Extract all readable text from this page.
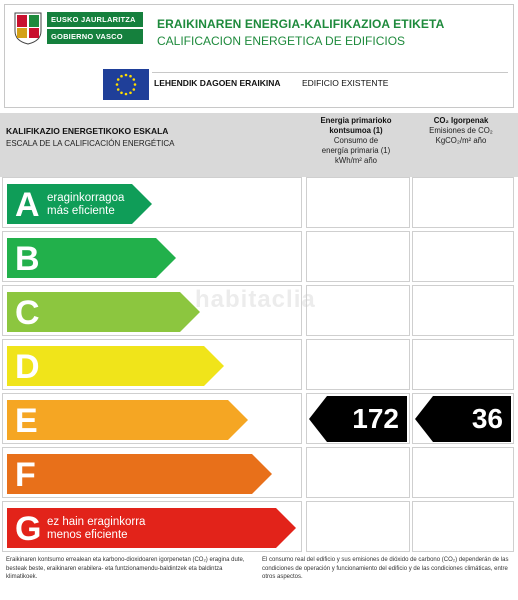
EUSKO JAURLARITZA
GOBIERNO VASCO
ERAIKINAREN ENERGIA-KALIFIKAZIOA ETIKETA
CALIFICACION ENERGETICA DE EDIFICIOS
LEHENDIK DAGOEN ERAIKINA	EDIFICIO EXISTENTE
KALIFIKAZIO ENERGETIKOKO ESKALA
ESCALA DE LA CALIFICACIÓN ENERGÉTICA
Energia primarioko
kontsumoa (1)
Consumo de
energía primaria (1)
kWh/m² año
CO₂ Igorpenak
Emisiones de CO₂
KgCO₂/m² año
A eraginkorragoa
más eficiente
B
C
D
E	172	36
F
G ez hain eraginkorra
menos eficiente
habitaclia
Eraikinaren kontsumo errealean eta karbono-dioxidoaren igorpenetan (CO₂) eragina dute, besteak beste, eraikinaren erabilera- eta funtzionamendu-baldintzek eta baldintza klimatikoek.
El consumo real del edificio y sus emisiones de dióxido de carbono (CO₂) dependerán de las condiciones de operación y funcionamiento del edificio y de las condiciones climáticas, entre otros aspectos.
